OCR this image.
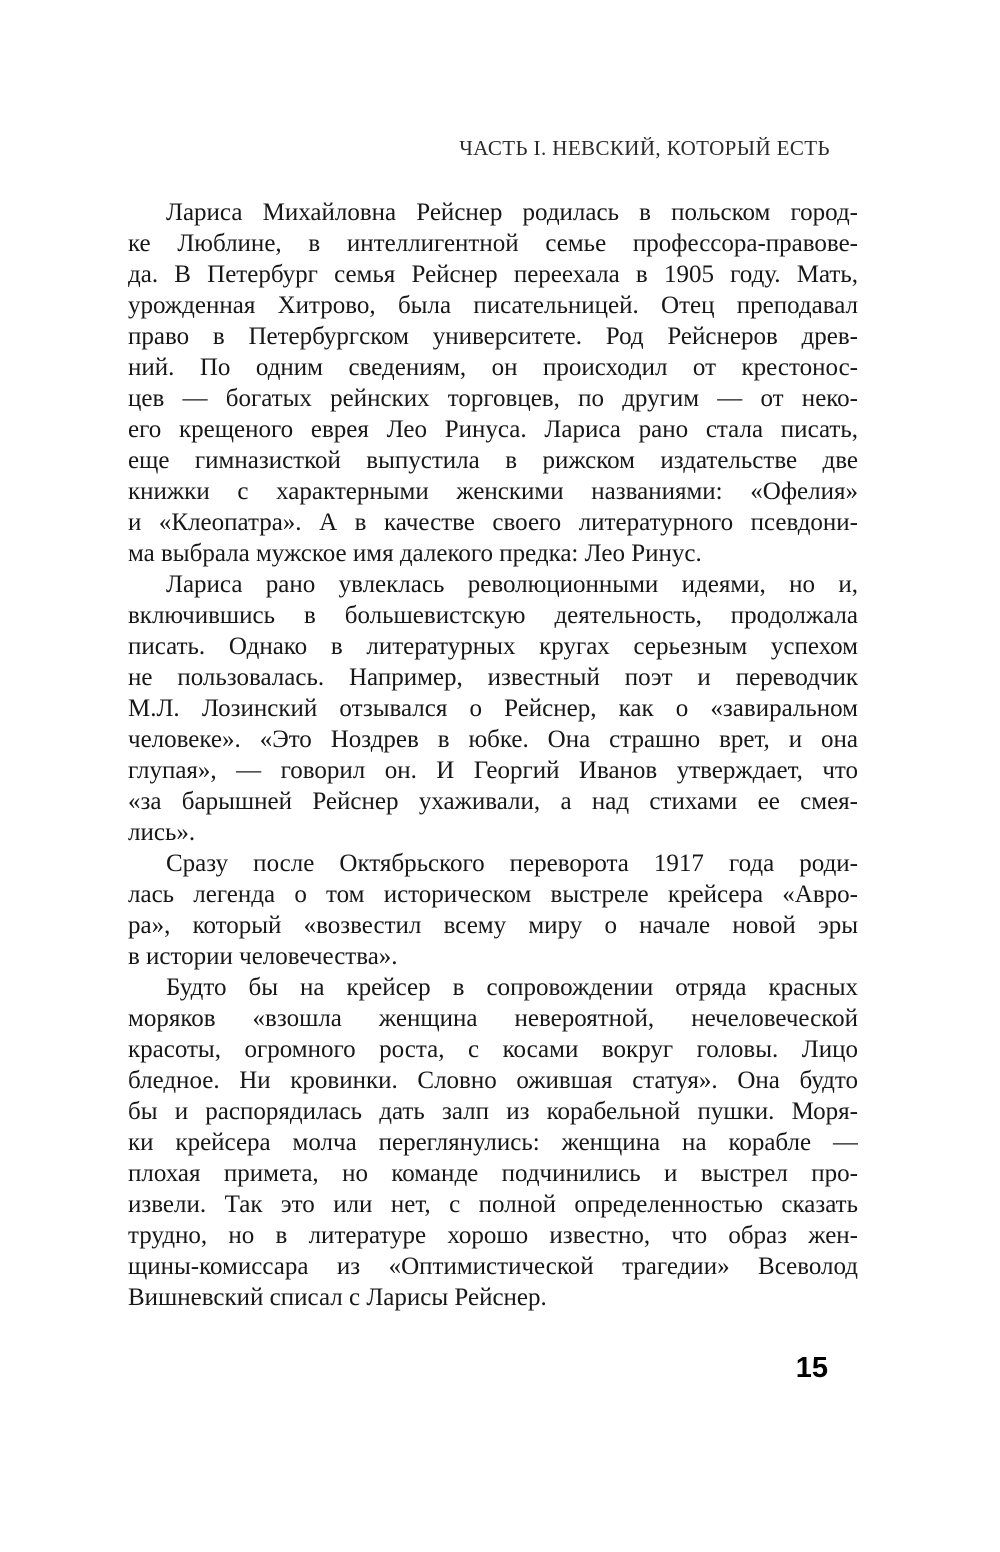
ЧАСТЬ I. НЕВСКИЙ, КОТОРЫЙ ЕСТЬ
Лариса Михайловна Рейснер родилась в польском город-
ке Люблине, в интеллигентной семье профессора-правове-
да. В Петербург семья Рейснер переехала в 1905 году. Мать,
урожденная Хитрово, была писательницей. Отец преподавал
право в Петербургском университете. Род Рейснеров древ-
ний. По одним сведениям, он происходил от крестонос-
цев — богатых рейнских торговцев, по другим — от неко-
его крещеного еврея Лео Ринуса. Лариса рано стала писать,
еще гимназисткой выпустила в рижском издательстве две
книжки с характерными женскими названиями: «Офелия»
и «Клеопатра». А в качестве своего литературного псевдони-
ма выбрала мужское имя далекого предка: Лео Ринус.
Лариса рано увлеклась революционными идеями, но и,
включившись в большевистскую деятельность, продолжала
писать. Однако в литературных кругах серьезным успехом
не пользовалась. Например, известный поэт и переводчик
М.Л. Лозинский отзывался о Рейснер, как о «завиральном
человеке». «Это Ноздрев в юбке. Она страшно врет, и она
глупая», — говорил он. И Георгий Иванов утверждает, что
«за барышней Рейснер ухаживали, а над стихами ее смея-
лись».
Сразу после Октябрьского переворота 1917 года роди-
лась легенда о том историческом выстреле крейсера «Авро-
ра», который «возвестил всему миру о начале новой эры
в истории человечества».
Будто бы на крейсер в сопровождении отряда красных
моряков «взошла женщина невероятной, нечеловеческой
красоты, огромного роста, с косами вокруг головы. Лицо
бледное. Ни кровинки. Словно ожившая статуя». Она будто
бы и распорядилась дать залп из корабельной пушки. Моря-
ки крейсера молча переглянулись: женщина на корабле —
плохая примета, но команде подчинились и выстрел про-
извели. Так это или нет, с полной определенностью сказать
трудно, но в литературе хорошо известно, что образ жен-
щины-комиссара из «Оптимистической трагедии» Всеволод
Вишневский списал с Ларисы Рейснер.
15
